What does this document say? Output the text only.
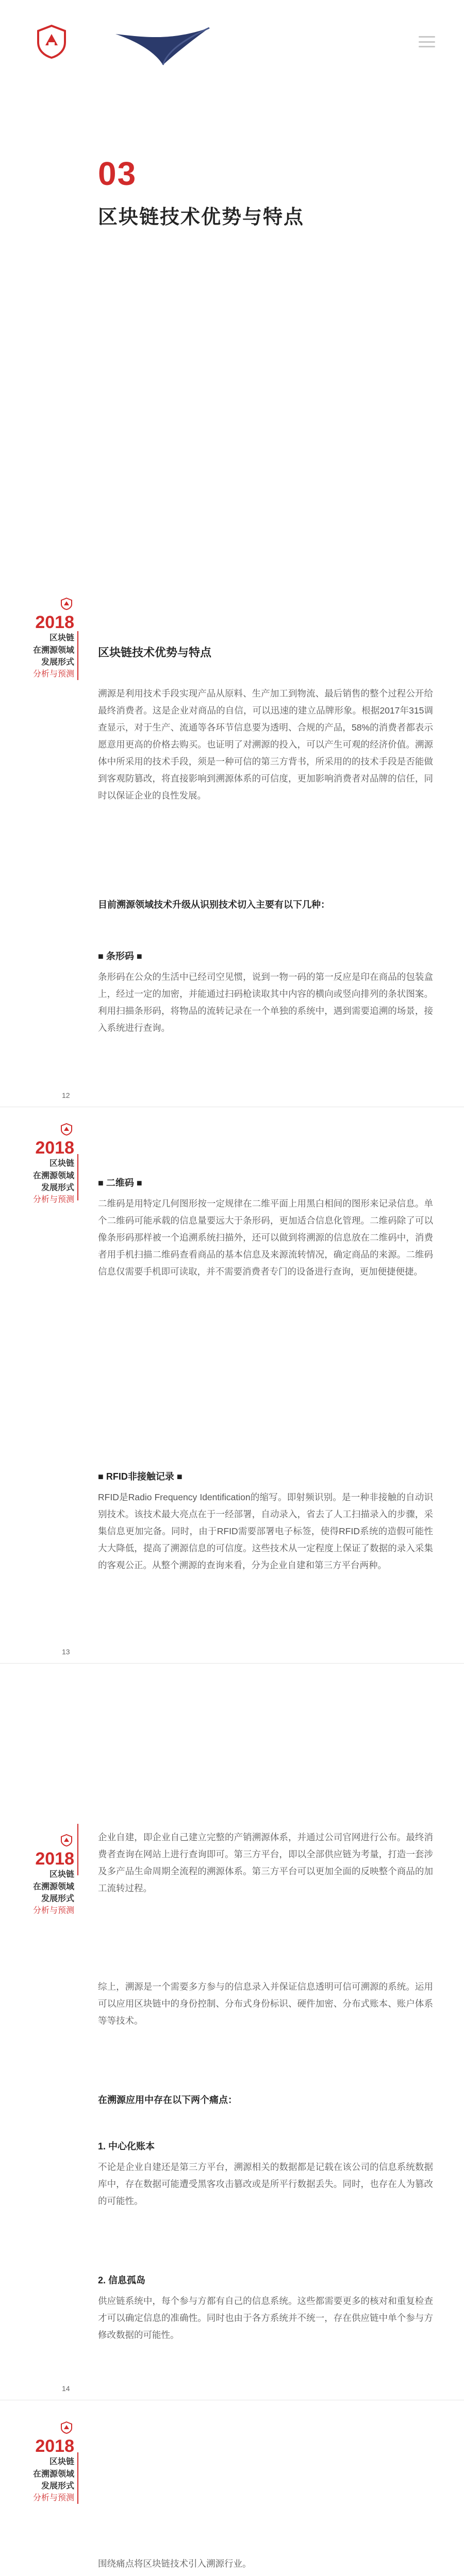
03
区块链技术优势与特点
2018
区块链
在溯源领域
发展形式
分析与预测
区块链技术优势与特点
溯源是利用技术手段实现产品从原料、生产加工到物流、最后销售的整个过程公开给最终消费者。这是企业对商品的自信，可以迅速的建立品牌形象。根据2017年315调查显示，对于生产、流通等各环节信息要为透明、合规的产品，58%的消费者都表示愿意用更高的价格去购买。也证明了对溯源的投入，可以产生可观的经济价值。溯源体中所采用的技术手段，须是一种可信的第三方背书，所采用的的技术手段是否能做到客观防篡改，将直接影响到溯源体系的可信度，更加影响消费者对品牌的信任，同时以保证企业的良性发展。
目前溯源领域技术升级从识别技术切入主要有以下几种：
■ 条形码 ■
条形码在公众的生活中已经司空见惯，说到一物一码的第一反应是印在商品的包装盒上，经过一定的加密，并能通过扫码枪读取其中内容的横向或竖向排列的条状图案。利用扫描条形码，将物品的流转记录在一个单独的系统中，遇到需要追溯的场景，接入系统进行查询。
12
2018
区块链
在溯源领域
发展形式
分析与预测
■ 二维码 ■
二维码是用特定几何图形按一定规律在二维平面上用黑白相间的图形来记录信息。单个二维码可能承载的信息量要远大于条形码，更加适合信息化管理。二维码除了可以像条形码那样被一个追溯系统扫描外，还可以做到将溯源的信息放在二维码中，消费者用手机扫描二维码查看商品的基本信息及来源流转情况，确定商品的来源。二维码信息仅需要手机即可读取，并不需要消费者专门的设备进行查询，更加便捷便捷。
■ RFID非接触记录 ■
RFID是Radio Frequency Identification的缩写。即射频识别。是一种非接触的自动识别技术。该技术最大亮点在于一经部署，自动录入，省去了人工扫描录入的步骤，采集信息更加完备。同时，由于RFID需要部署电子标签，使得RFID系统的造假可能性大大降低，提高了溯源信息的可信度。这些技术从一定程度上保证了数据的录入采集的客观公正。从整个溯源的查询来看，分为企业自建和第三方平台两种。
13
2018
区块链
在溯源领域
发展形式
分析与预测
企业自建，即企业自己建立完整的产销溯源体系，并通过公司官网进行公布。最终消费者查询在网站上进行查询即可。第三方平台，即以全部供应链为考量，打造一套涉及多产品生命周期全流程的溯源体系。第三方平台可以更加全面的反映整个商品的加工流转过程。
综上，溯源是一个需要多方参与的信息录入并保证信息透明可信可溯源的系统。运用可以应用区块链中的身份控制、分布式身份标识、硬件加密、分布式账本、账户体系等等技术。
在溯源应用中存在以下两个痛点：
1. 中心化账本
不论是企业自建还是第三方平台，溯源相关的数据都是记载在该公司的信息系统数据库中，存在数据可能遭受黑客攻击篡改或是所平行数据丢失。同时，也存在人为篡改的可能性。
2. 信息孤岛
供应链系统中，每个参与方都有自己的信息系统。这些都需要更多的核对和重复检查才可以确定信息的准确性。同时也由于各方系统并不统一，存在供应链中单个参与方修改数据的可能性。
14
2018
区块链
在溯源领域
发展形式
分析与预测
围绕痛点将区块链技术引入溯源行业。
